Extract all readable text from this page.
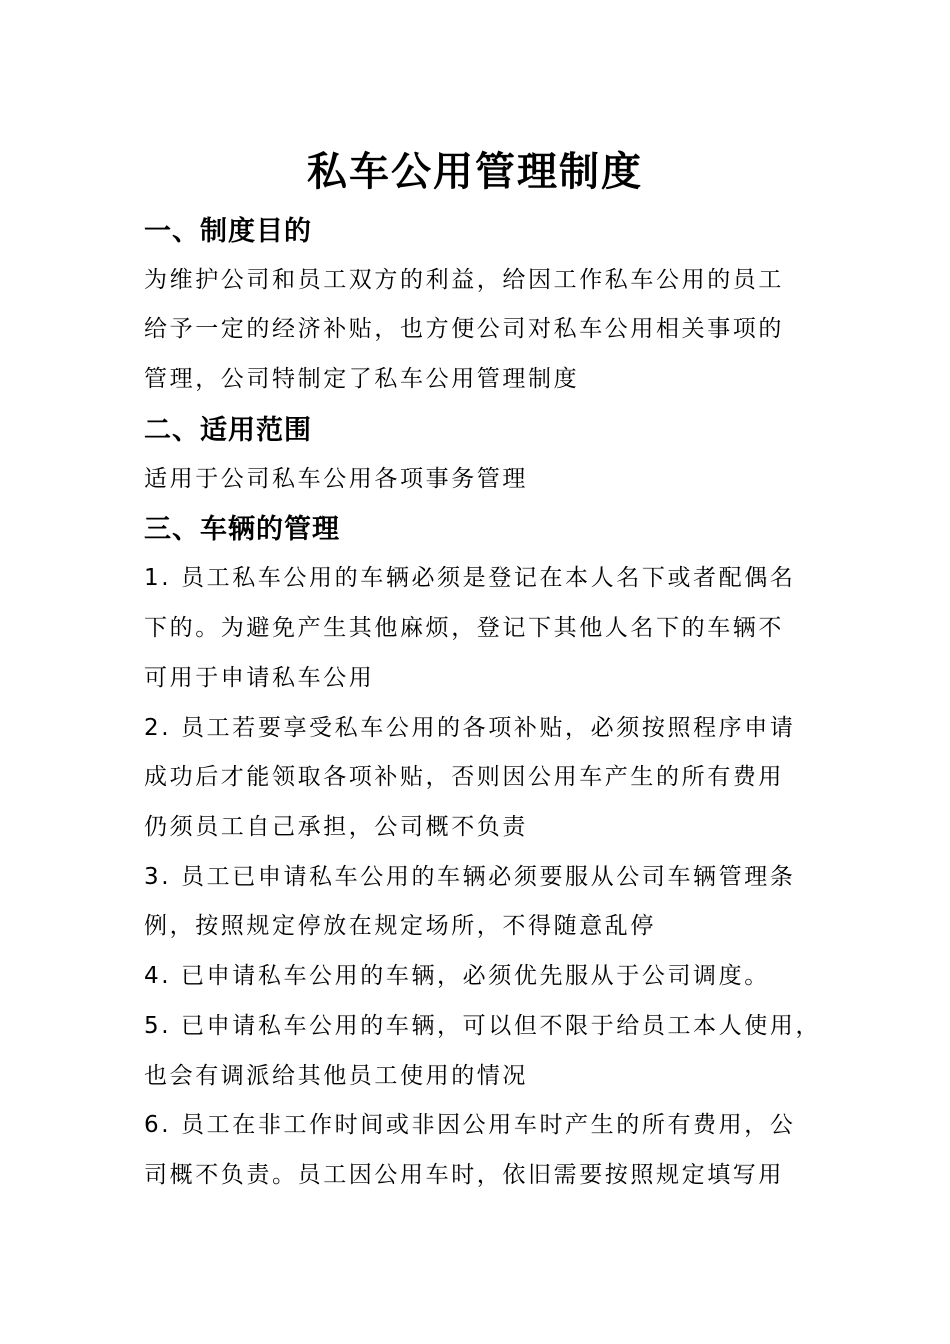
私车公用管理制度
一、制度目的
为维护公司和员工双方的利益，给因工作私车公用的员工
给予一定的经济补贴，也方便公司对私车公用相关事项的
管理，公司特制定了私车公用管理制度
二、适用范围
适用于公司私车公用各项事务管理
三、车辆的管理
1. 员工私车公用的车辆必须是登记在本人名下或者配偶名
下的。为避免产生其他麻烦，登记下其他人名下的车辆不
可用于申请私车公用
2. 员工若要享受私车公用的各项补贴，必须按照程序申请
成功后才能领取各项补贴，否则因公用车产生的所有费用
仍须员工自己承担，公司概不负责
3. 员工已申请私车公用的车辆必须要服从公司车辆管理条
例，按照规定停放在规定场所，不得随意乱停
4. 已申请私车公用的车辆，必须优先服从于公司调度。
5. 已申请私车公用的车辆，可以但不限于给员工本人使用，
也会有调派给其他员工使用的情况
6. 员工在非工作时间或非因公用车时产生的所有费用，公
司概不负责。员工因公用车时，依旧需要按照规定填写用
